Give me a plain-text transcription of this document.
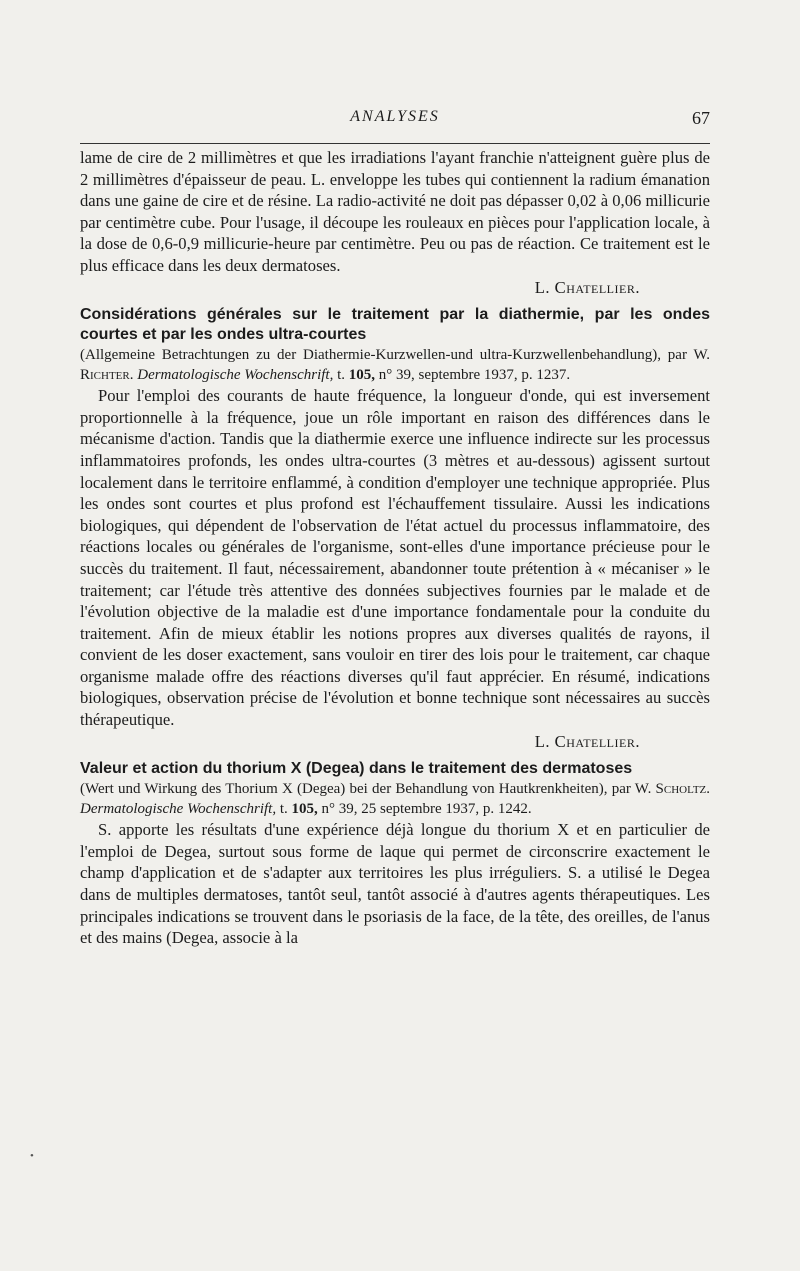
ANALYSES	67

lame de cire de 2 millimètres et que les irradiations l'ayant franchie n'atteignent guère plus de 2 millimètres d'épaisseur de peau. L. enveloppe les tubes qui contiennent la radium émanation dans une gaine de cire et de résine. La radio-activité ne doit pas dépasser 0,02 à 0,06 millicurie par centimètre cube. Pour l'usage, il découpe les rouleaux en pièces pour l'application locale, à la dose de 0,6-0,9 millicurie-heure par centimètre. Peu ou pas de réaction. Ce traitement est le plus efficace dans les deux dermatoses.

L. Chatellier.

Considérations générales sur le traitement par la diathermie, par les ondes courtes et par les ondes ultra-courtes

(Allgemeine Betrachtungen zu der Diathermie-Kurzwellen-und ultra-Kurzwellenbehandlung), par W. Richter. Dermatologische Wochenschrift, t. 105, n° 39, septembre 1937, p. 1237.

Pour l'emploi des courants de haute fréquence, la longueur d'onde, qui est inversement proportionnelle à la fréquence, joue un rôle important en raison des différences dans le mécanisme d'action. Tandis que la diathermie exerce une influence indirecte sur les processus inflammatoires profonds, les ondes ultra-courtes (3 mètres et au-dessous) agissent surtout localement dans le territoire enflammé, à condition d'employer une technique appropriée. Plus les ondes sont courtes et plus profond est l'échauffement tissulaire. Aussi les indications biologiques, qui dépendent de l'observation de l'état actuel du processus inflammatoire, des réactions locales ou générales de l'organisme, sont-elles d'une importance précieuse pour le succès du traitement. Il faut, nécessairement, abandonner toute prétention à « mécaniser » le traitement; car l'étude très attentive des données subjectives fournies par le malade et de l'évolution objective de la maladie est d'une importance fondamentale pour la conduite du traitement. Afin de mieux établir les notions propres aux diverses qualités de rayons, il convient de les doser exactement, sans vouloir en tirer des lois pour le traitement, car chaque organisme malade offre des réactions diverses qu'il faut apprécier. En résumé, indications biologiques, observation précise de l'évolution et bonne technique sont nécessaires au succès thérapeutique.

L. Chatellier.

Valeur et action du thorium X (Degea) dans le traitement des dermatoses

(Wert und Wirkung des Thorium X (Degea) bei der Behandlung von Hautkrenkheiten), par W. Scholtz. Dermatologische Wochenschrift, t. 105, n° 39, 25 septembre 1937, p. 1242.

S. apporte les résultats d'une expérience déjà longue du thorium X et en particulier de l'emploi de Degea, surtout sous forme de laque qui permet de circonscrire exactement le champ d'application et de s'adapter aux territoires les plus irréguliers. S. a utilisé le Degea dans de multiples dermatoses, tantôt seul, tantôt associé à d'autres agents thérapeutiques. Les principales indications se trouvent dans le psoriasis de la face, de la tête, des oreilles, de l'anus et des mains (Degea, associe à la

•
